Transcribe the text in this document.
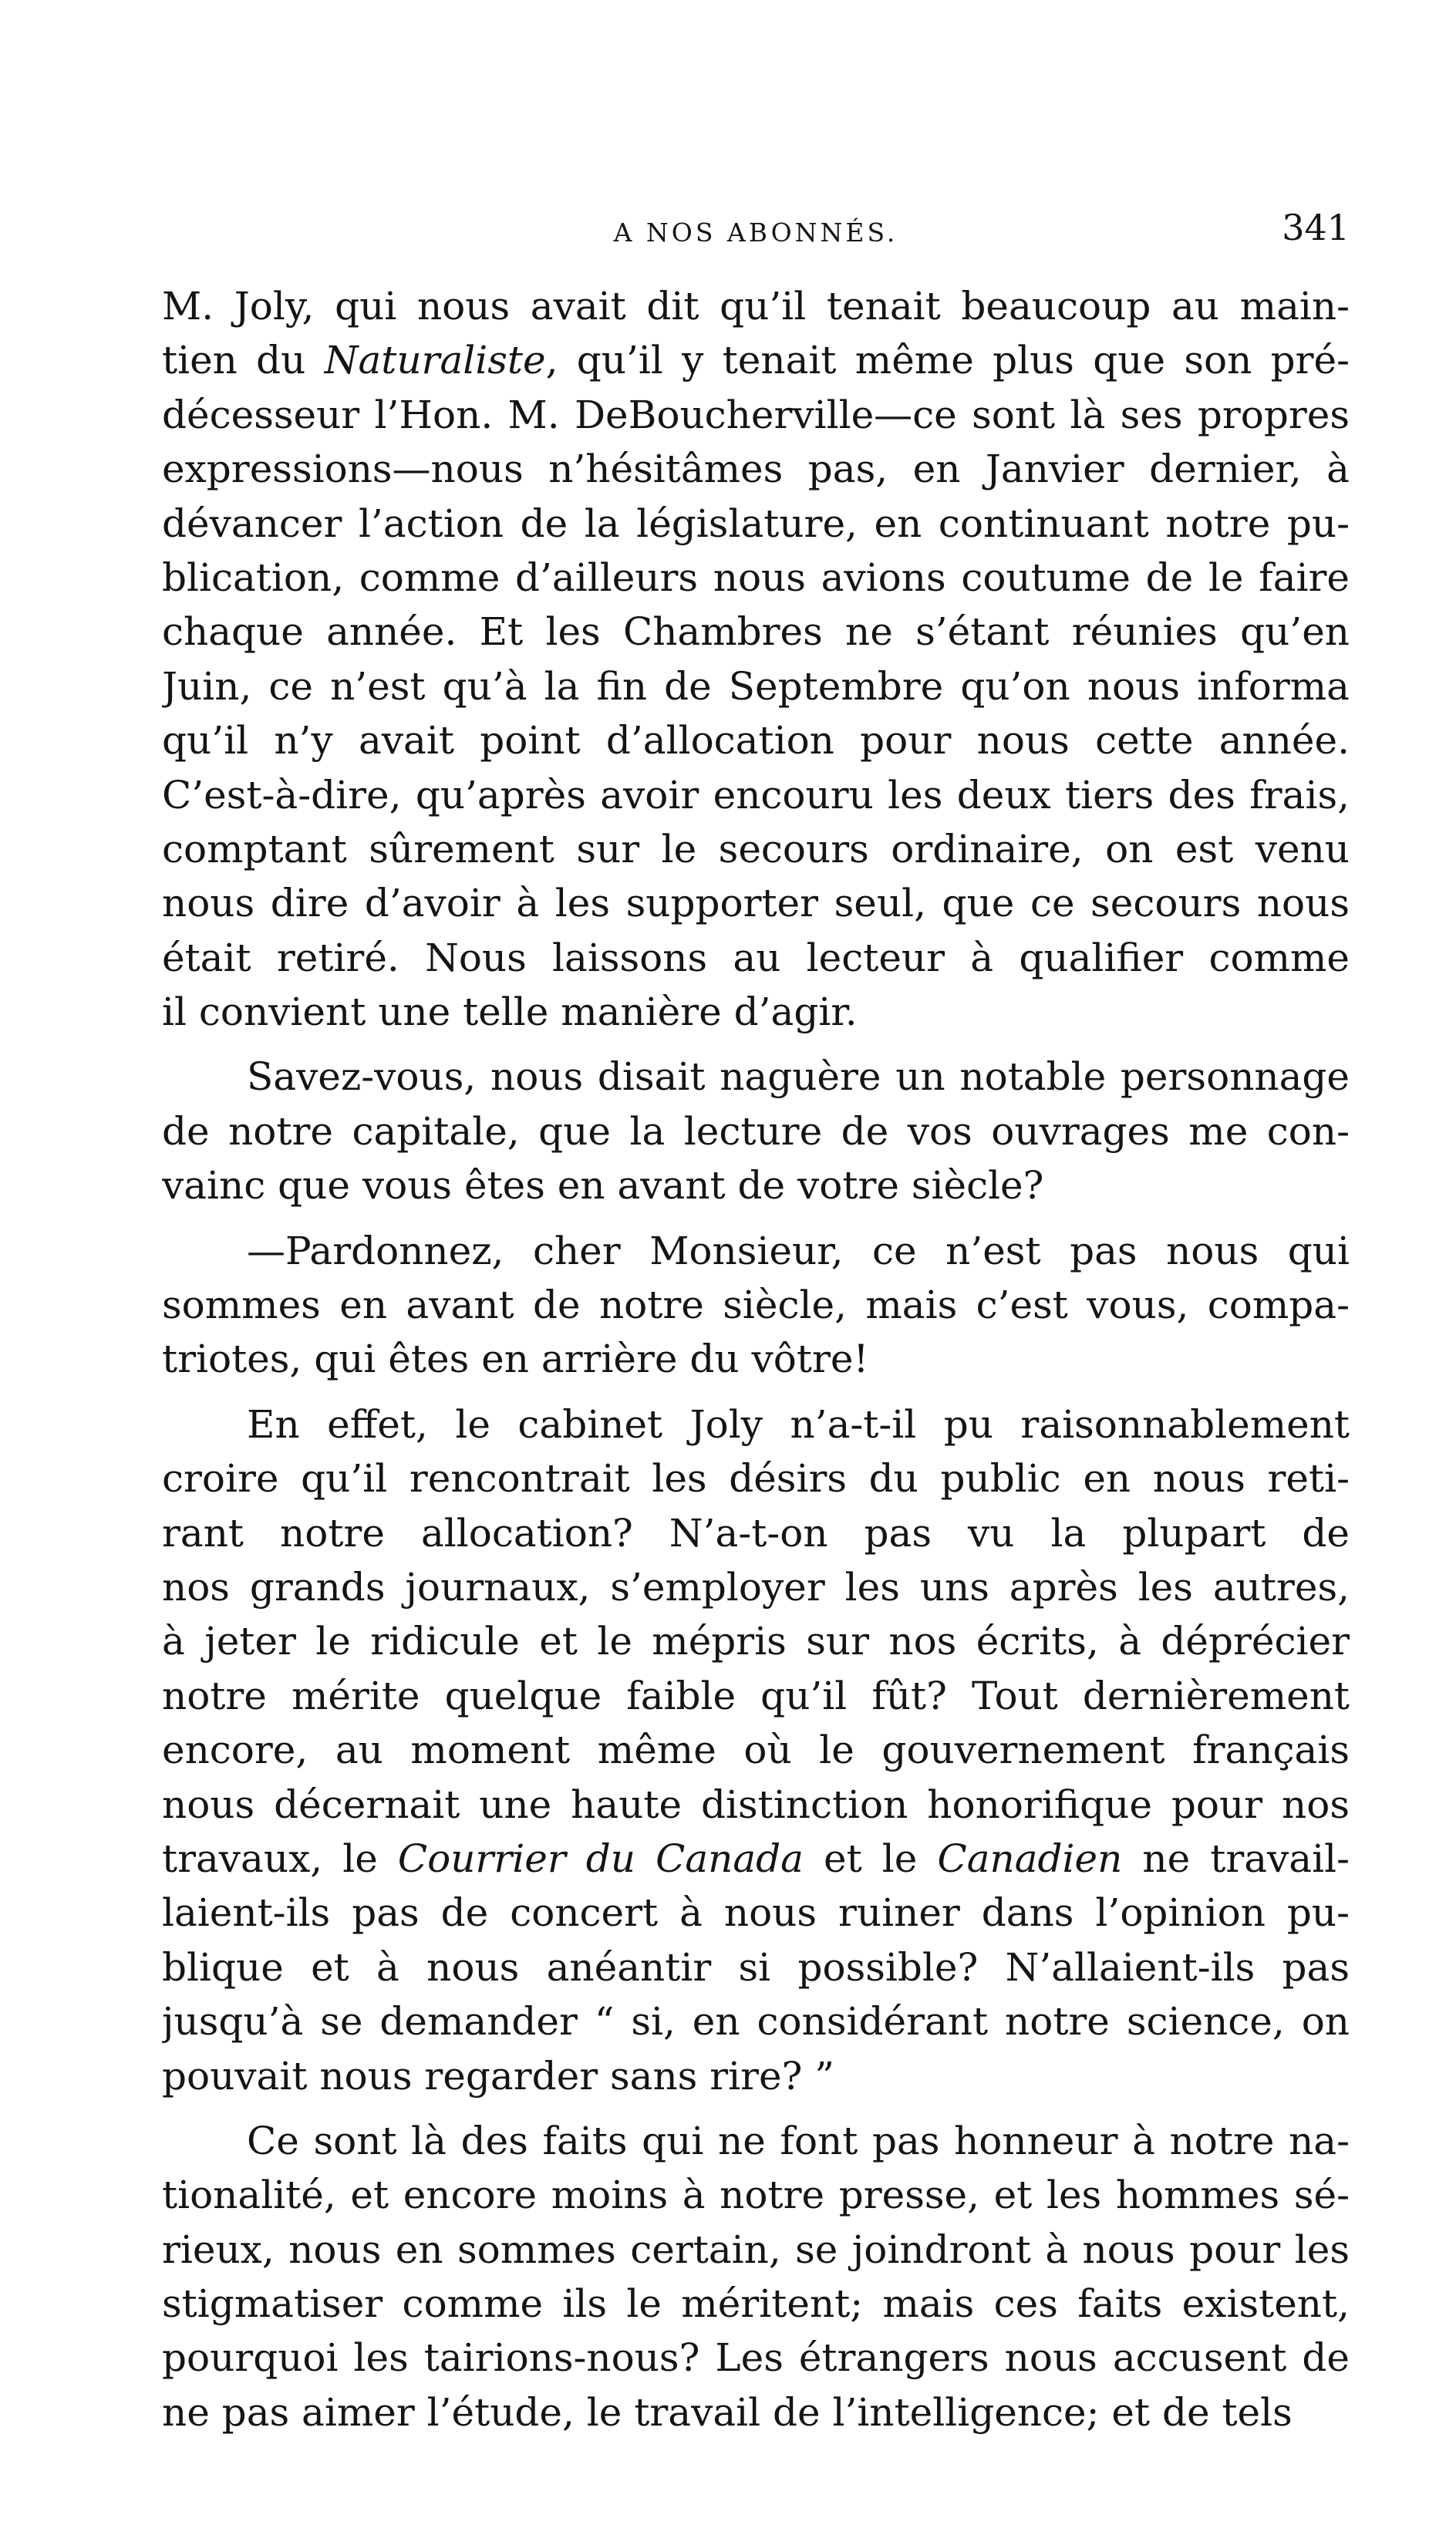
A NOS ABONNÉS.	341
M. Joly, qui nous avait dit qu’il tenait beaucoup au main-
tien du Naturaliste, qu’il y tenait même plus que son pré-
décesseur l’Hon. M. DeBoucherville—ce sont là ses propres
expressions—nous n’hésitâmes pas, en Janvier dernier, à
dévancer l’action de la législature, en continuant notre pu-
blication, comme d’ailleurs nous avions coutume de le faire
chaque année. Et les Chambres ne s’étant réunies qu’en
Juin, ce n’est qu’à la fin de Septembre qu’on nous informa
qu’il n’y avait point d’allocation pour nous cette année.
C’est-à-dire, qu’après avoir encouru les deux tiers des frais,
comptant sûrement sur le secours ordinaire, on est venu
nous dire d’avoir à les supporter seul, que ce secours nous
était retiré. Nous laissons au lecteur à qualifier comme
il convient une telle manière d’agir.
Savez-vous, nous disait naguère un notable personnage
de notre capitale, que la lecture de vos ouvrages me con-
vainc que vous êtes en avant de votre siècle?
—Pardonnez, cher Monsieur, ce n’est pas nous qui
sommes en avant de notre siècle, mais c’est vous, compa-
triotes, qui êtes en arrière du vôtre!
En effet, le cabinet Joly n’a-t-il pu raisonnablement
croire qu’il rencontrait les désirs du public en nous reti-
rant notre allocation? N’a-t-on pas vu la plupart de
nos grands journaux, s’employer les uns après les autres,
à jeter le ridicule et le mépris sur nos écrits, à déprécier
notre mérite quelque faible qu’il fût? Tout dernièrement
encore, au moment même où le gouvernement français
nous décernait une haute distinction honorifique pour nos
travaux, le Courrier du Canada et le Canadien ne travail-
laient-ils pas de concert à nous ruiner dans l’opinion pu-
blique et à nous anéantir si possible? N’allaient-ils pas
jusqu’à se demander “ si, en considérant notre science, on
pouvait nous regarder sans rire? ”
Ce sont là des faits qui ne font pas honneur à notre na-
tionalité, et encore moins à notre presse, et les hommes sé-
rieux, nous en sommes certain, se joindront à nous pour les
stigmatiser comme ils le méritent; mais ces faits existent,
pourquoi les tairions-nous? Les étrangers nous accusent de
ne pas aimer l’étude, le travail de l’intelligence; et de tels
